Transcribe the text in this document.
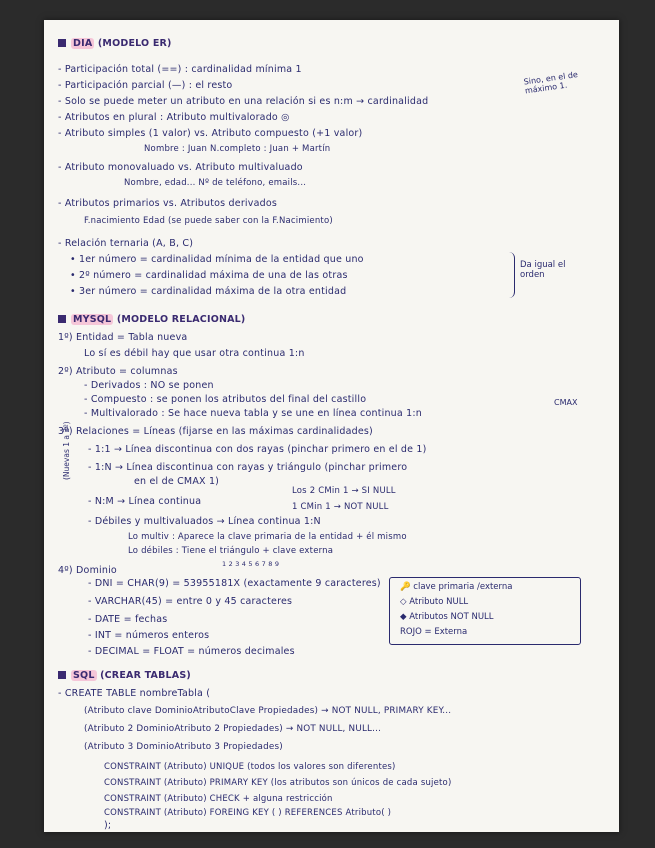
DIA (MODELO ER)
- Participación total (==) : cardinalidad mínima 1
- Participación parcial (—) : el resto
- Solo se puede meter un atributo en una relación si es n:m → cardinalidad
Sino, en el de máximo 1.
- Atributos en plural : Atributo multivalorado ◎
- Atributo simples (1 valor) vs. Atributo compuesto (+1 valor)
Nombre : Juan N.completo : Juan + Martín
- Atributo monovaluado vs. Atributo multivaluado
Nombre, edad... Nº de teléfono, emails...
- Atributos primarios vs. Atributos derivados
F.nacimiento Edad (se puede saber con la F.Nacimiento)
- Relación ternaria (A, B, C)
• 1er número = cardinalidad mínima de la entidad que uno
• 2º número = cardinalidad máxima de una de las otras
• 3er número = cardinalidad máxima de la otra entidad
Da igual el orden
MYSQL (MODELO RELACIONAL)
1º) Entidad = Tabla nueva
Lo sí es débil hay que usar otra continua 1:n
2º) Atributo = columnas
- Derivados : NO se ponen
- Compuesto : se ponen los atributos del final del castillo
- Multivalorado : Se hace nueva tabla y se une en línea continua 1:n
3º) Relaciones = Líneas (fijarse en las máximas cardinalidades)
CMAX
- 1:1 → Línea discontinua con dos rayas (pinchar primero en el de 1)
- 1:N → Línea discontinua con rayas y triángulo (pinchar primero
en el de CMAX 1)
- N:M → Línea continua
Los 2 CMin 1 → SI NULL
1 CMin 1 → NOT NULL
- Débiles y multivaluados → Línea continua 1:N
Lo multiv : Aparece la clave primaria de la entidad + él mismo
Lo débiles : Tiene el triángulo + clave externa
(Nuevas 1 a 3º)
4º) Dominio
1 2 3 4 5 6 7 8 9
- DNI = CHAR(9) = 53955181X (exactamente 9 caracteres)
- VARCHAR(45) = entre 0 y 45 caracteres
- DATE = fechas
- INT = números enteros
- DECIMAL = FLOAT = números decimales
🔑 clave primaria /externa
◇ Atributo NULL
◆ Atributos NOT NULL
ROJO = Externa
SQL (CREAR TABLAS)
- CREATE TABLE nombreTabla (
(Atributo clave DominioAtributoClave Propiedades) → NOT NULL, PRIMARY KEY...
(Atributo 2 DominioAtributo 2 Propiedades) → NOT NULL, NULL...
(Atributo 3 DominioAtributo 3 Propiedades)
CONSTRAINT (Atributo) UNIQUE (todos los valores son diferentes)
CONSTRAINT (Atributo) PRIMARY KEY (los atributos son únicos de cada sujeto)
CONSTRAINT (Atributo) CHECK + alguna restricción
CONSTRAINT (Atributo) FOREING KEY ( ) REFERENCES Atributo( )
);
